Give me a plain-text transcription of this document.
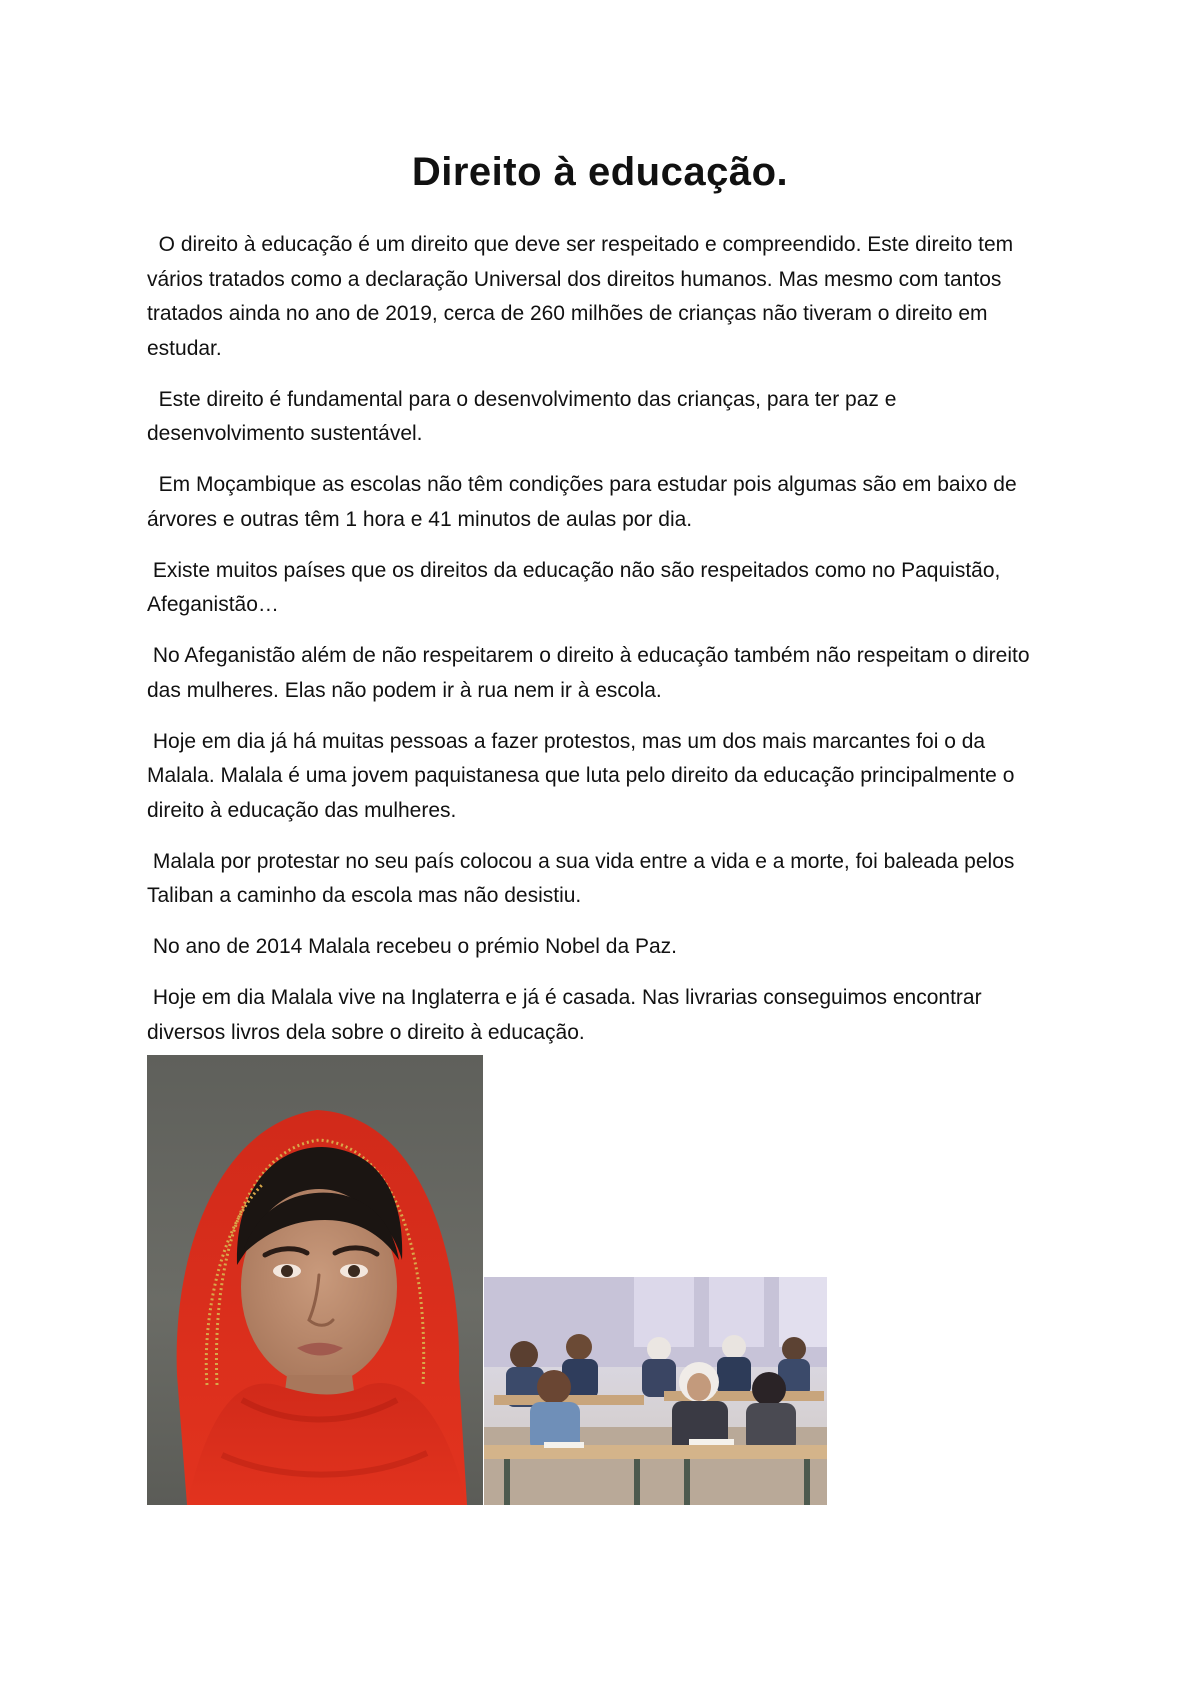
Direito à educação.

O direito à educação é um direito que deve ser respeitado e compreendido. Este direito tem vários tratados como a declaração Universal dos direitos humanos. Mas mesmo com tantos tratados ainda no ano de 2019, cerca de 260 milhões de crianças não tiveram o direito em estudar.

Este direito é fundamental para o desenvolvimento das crianças, para ter paz e desenvolvimento sustentável.

Em Moçambique as escolas não têm condições para estudar pois algumas são em baixo de árvores e outras têm 1 hora e 41 minutos de aulas por dia.

Existe muitos países que os direitos da educação não são respeitados como no Paquistão, Afeganistão…

No Afeganistão além de não respeitarem o direito à educação também não respeitam o direito das mulheres. Elas não podem ir à rua nem ir à escola.

Hoje em dia já há muitas pessoas a fazer protestos, mas um dos mais marcantes foi o da Malala. Malala é uma jovem paquistanesa que luta pelo direito da educação principalmente o direito à educação das mulheres.

Malala por protestar no seu país colocou a sua vida entre a vida e a morte, foi baleada pelos Taliban a caminho da escola mas não desistiu.

No ano de 2014 Malala recebeu o prémio Nobel da Paz.

Hoje em dia Malala vive na Inglaterra e já é casada. Nas livrarias conseguimos encontrar diversos livros dela sobre o direito à educação.
